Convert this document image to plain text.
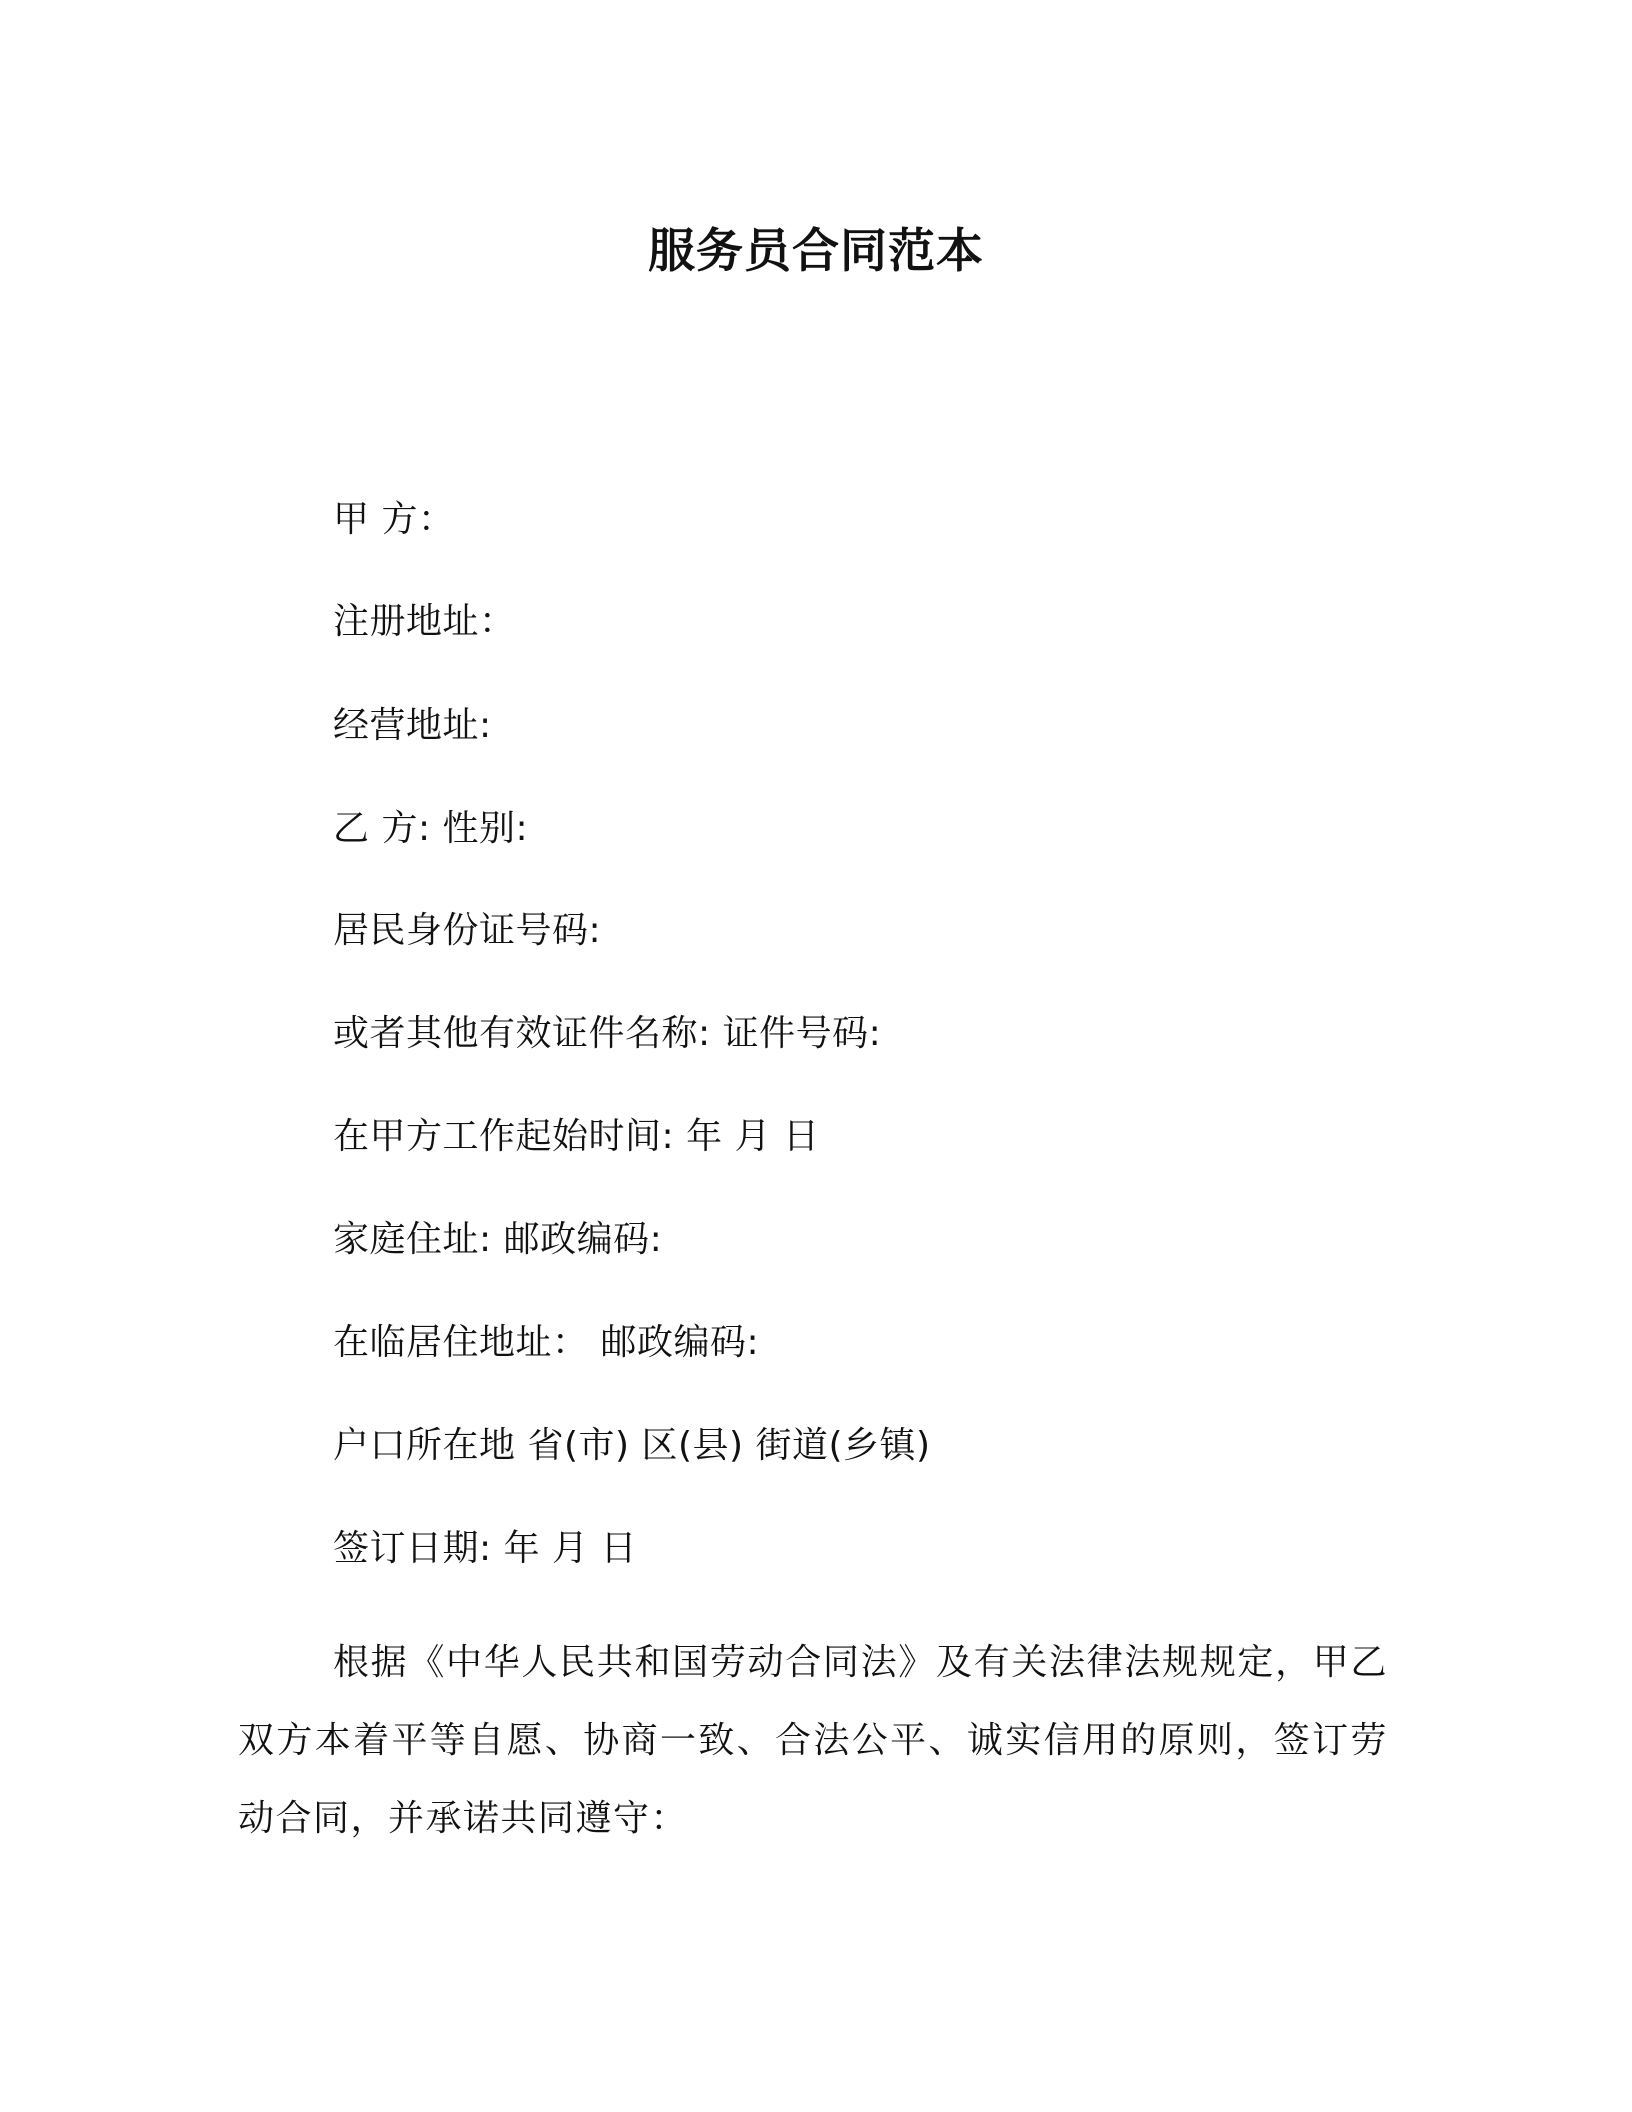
服务员合同范本
甲 方：
注册地址：
经营地址:
乙 方: 性别:
居民身份证号码:
或者其他有效证件名称: 证件号码:
在甲方工作起始时间: 年 月 日
家庭住址: 邮政编码:
在临居住地址： 邮政编码:
户口所在地 省(市) 区(县) 街道(乡镇)
签订日期: 年 月 日
根据《中华人民共和国劳动合同法》及有关法律法规规定，甲乙双方本着平等自愿、协商一致、合法公平、诚实信用的原则，签订劳动合同，并承诺共同遵守：
